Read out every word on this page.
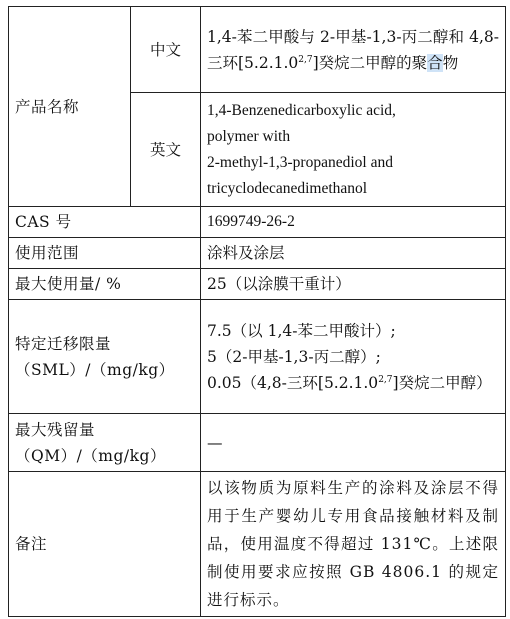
产品名称	中文	1,4-苯二甲酸与 2-甲基-1,3-丙二醇和 4,8-三环[5.2.1.0$^{2,7}$]癸烷二甲醇的聚合物
	英文	1,4-Benzenedicarboxylic acid,
polymer with
2-methyl-1,3-propanediol and
tricyclodecanedimethanol

CAS 号		1699749-26-2
使用范围		涂料及涂层
最大使用量/ %		25（以涂膜干重计）

特定迁移限量
（SML）/（mg/kg）		7.5（以 1,4-苯二甲酸计）;
5（2-甲基-1,3-丙二醇）;
0.05（4,8-三环[5.2.1.0$^{2,7}$]癸烷二甲醇）

最大残留量
（QM）/（mg/kg）		—
备注		以该物质为原料生产的涂料及涂层不得用于生产婴幼儿专用食品接触材料及制品，使用温度不得超过 131℃。上述限制使用要求应按照 GB 4806.1 的规定进行标示。
